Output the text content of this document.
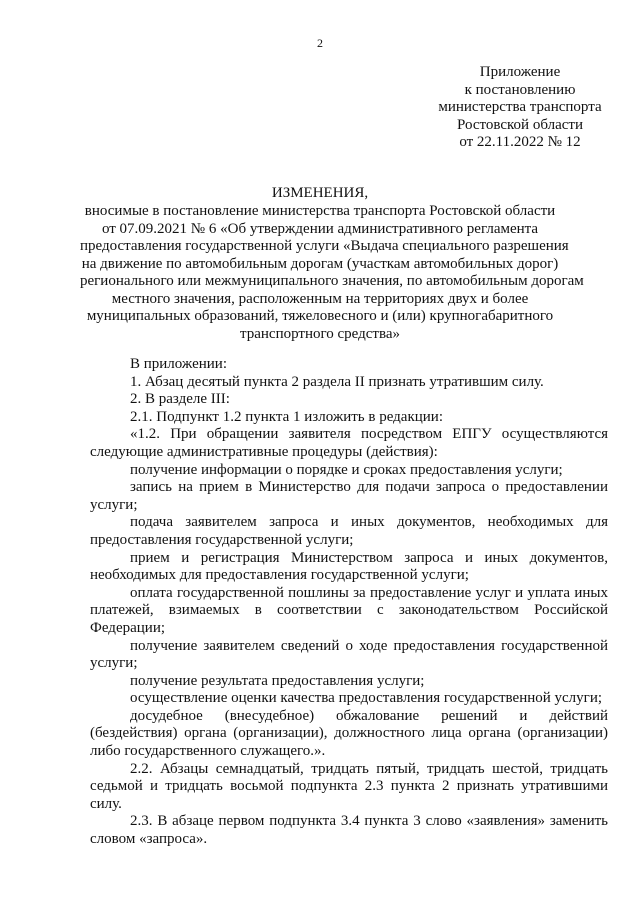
2
Приложение
к постановлению
министерства транспорта
Ростовской области
от 22.11.2022 № 12
ИЗМЕНЕНИЯ,
вносимые в постановление министерства транспорта Ростовской области
от 07.09.2021 № 6 «Об утверждении административного регламента
предоставления государственной услуги «Выдача специального разрешения
на движение по автомобильным дорогам (участкам автомобильных дорог)
регионального или межмуниципального значения, по автомобильным дорогам
местного значения, расположенным на территориях двух и более
муниципальных образований, тяжеловесного и (или) крупногабаритного
транспортного средства»

В приложении:

1. Абзац десятый пункта 2 раздела II признать утратившим силу.

2. В разделе III:

2.1. Подпункт 1.2 пункта 1 изложить в редакции:

«1.2. При обращении заявителя посредством ЕПГУ осуществляются следующие административные процедуры (действия):

получение информации о порядке и сроках предоставления услуги;

запись на прием в Министерство для подачи запроса о предоставлении услуги;

подача заявителем запроса и иных документов, необходимых для предоставления государственной услуги;

прием и регистрация Министерством запроса и иных документов, необходимых для предоставления государственной услуги;

оплата государственной пошлины за предоставление услуг и уплата иных платежей, взимаемых в соответствии с законодательством Российской Федерации;

получение заявителем сведений о ходе предоставления государственной услуги;

получение результата предоставления услуги;

осуществление оценки качества предоставления государственной услуги;

досудебное (внесудебное) обжалование решений и действий (бездействия) органа (организации), должностного лица органа (организации) либо государственного служащего.».

2.2. Абзацы семнадцатый, тридцать пятый, тридцать шестой, тридцать седьмой и тридцать восьмой подпункта 2.3 пункта 2 признать утратившими силу.

2.3. В абзаце первом подпункта 3.4 пункта 3 слово «заявления» заменить словом «запроса».
